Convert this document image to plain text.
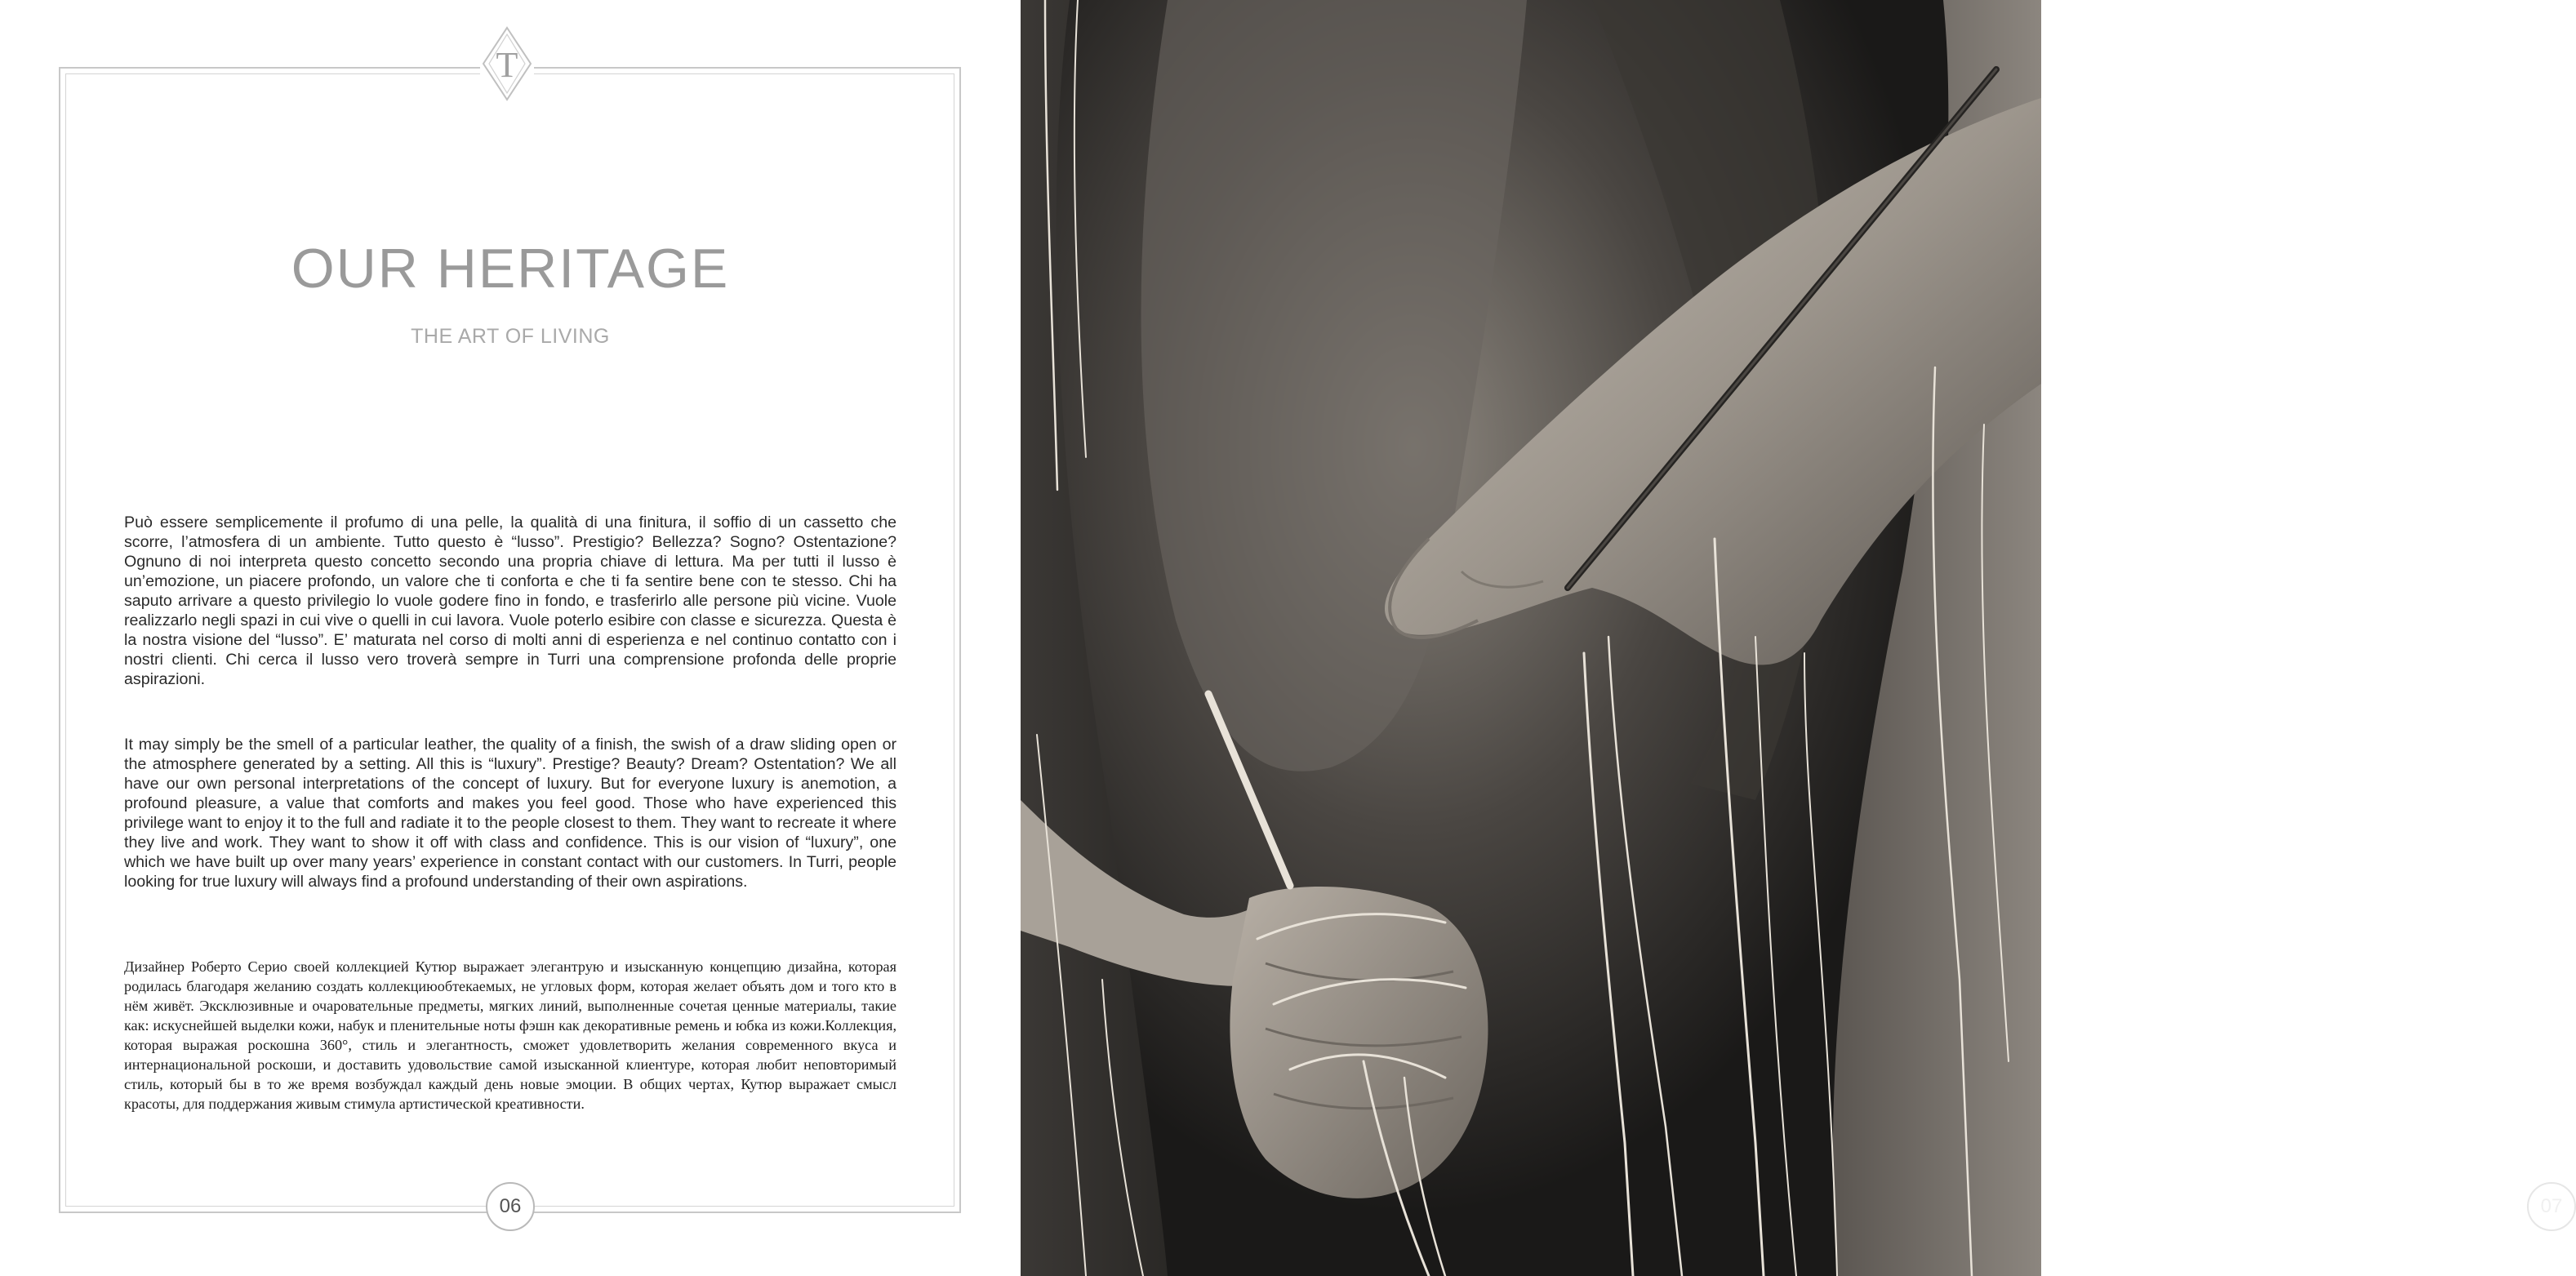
T
OUR HERITAGE
THE ART OF LIVING

Può essere semplicemente il profumo di una pelle, la qualità di una finitura, il soffio di un cassetto che scorre, l’atmosfera di un ambiente. Tutto questo è “lusso”. Prestigio? Bellezza? Sogno? Ostentazione? Ognuno di noi interpreta questo concetto secondo una propria chiave di lettura. Ma per tutti il lusso è un’emozione, un piacere profondo, un valore che ti conforta e che ti fa sentire bene con te stesso. Chi ha saputo arrivare a questo privilegio lo vuole godere fino in fondo, e trasferirlo alle persone più vicine. Vuole realizzarlo negli spazi in cui vive o quelli in cui lavora. Vuole poterlo esibire con classe e sicurezza. Questa è la nostra visione del “lusso”. E’ maturata nel corso di molti anni di esperienza e nel continuo contatto con i nostri clienti. Chi cerca il lusso vero troverà sempre in Turri una comprensione profonda delle proprie aspirazioni.

It may simply be the smell of a particular leather, the quality of a finish, the swish of a draw sliding open or the atmosphere generated by a setting. All this is “luxury”. Prestige? Beauty? Dream? Ostentation? We all have our own personal interpretations of the concept of luxury. But for everyone luxury is anemotion, a profound pleasure, a value that comforts and makes you feel good. Those who have experienced this privilege want to enjoy it to the full and radiate it to the people closest to them. They want to recreate it where they live and work. They want to show it off with class and confidence. This is our vision of “luxury”, one which we have built up over many years’ experience in constant contact with our customers. In Turri, people looking for true luxury will always find a profound understanding of their own aspirations.

Дизайнер Роберто Серио своей коллекцией Кутюр выражает элегантрую и изысканную концепцию дизайна, которая родилась благодаря желанию создать коллекциюобтекаемых, не угловых форм, которая желает объять дом и того кто в нём живёт. Эксклюзивные и очаровательные предметы, мягких линий, выполненные сочетая ценные материалы, такие как: искуснейшей выделки кожи, набук и пленительные ноты фэшн как декоративные ремень и юбка из кожи.Коллекция, которая выражая роскошна 360°, стиль и элегантность, сможет удовлетворить желания современного вкуса и интернациональной роскоши, и доставить удовольствие самой изысканной клиентуре, которая любит неповторимый стиль, который бы в то же время возбуждал каждый день новые эмоции. В общих чертах, Кутюр выражает смысл красоты, для поддержания живым стимула артистической креативности.

06	07
